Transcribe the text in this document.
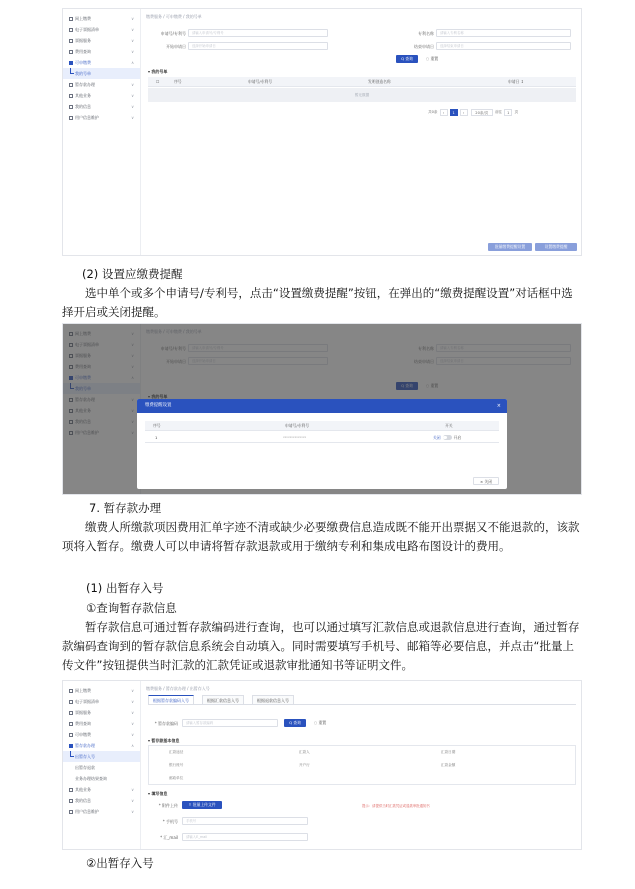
网上缴费	∨
电子票据清单	∨
票据服务	∨
费用查询	∨
可申缴费	∧
我的号单
暂存款办理	∨
其他业务	∨
我的信息	∨
用户信息维护	∨
缴费服务 / 可申缴费 / 我的号单
申请号/专利号	请输入申请号/专利号	专利名称	请输入专利名称
开始申请日	选择开始申请日	结束申请日	选择结束申请日
Q 查询	◌ 重置
▾ 我的号单
☐	序号	申请号/专利号	发明创造名称	申请日 ↕
暂无数据
共0条 ‹ 1 ›	20条/页 前往 1 页
批量缴费提醒设置	设置缴费提醒
(2) 设置应缴费提醒
选中单个或多个申请号/专利号，点击“设置缴费提醒”按钮，在弹出的“缴费提醒设置”对话框中选择开启或关闭提醒。
缴费提醒设置	×
序号	申请号/专利号	开关
1	xxxxxxxxxxxxxx	关闭	开启
× 关闭
7. 暂存款办理
缴费人所缴款项因费用汇单字迹不清或缺少必要缴费信息造成既不能开出票据又不能退款的，该款项将入暂存。缴费人可以申请将暂存款退款或用于缴纳专利和集成电路布图设计的费用。
(1) 出暂存入号
①查询暂存款信息
暂存款信息可通过暂存款编码进行查询，也可以通过填写汇款信息或退款信息进行查询，通过暂存款编码查询到的暂存款信息系统会自动填入。同时需要填写手机号、邮箱等必要信息，并点击“批量上传文件”按钮提供当时汇款的汇款凭证或退款审批通知书等证明文件。
网上缴费	∨
电子票据清单	∨
票据服务	∨
费用查询	∨
可申缴费	∨
暂存款办理	∧
出暂存入号
出暂存退款
业务办理结果查询
其他业务	∨
我的信息	∨
用户信息维护	∨
缴费服务 / 暂存款办理 / 出暂存入号
根据暂存款编码入号	根据汇款信息入号	根据退款信息入号
* 暂存款编码	请输入暂存款编码	Q 查询	◌ 重置
▾ 暂存款基本信息
汇款途径	汇款人	汇款日期
银行账号	开户行	汇款金额
邮政单位
▾ 填写信息
* 附件上传	⇪ 批量上传文件	提示：请提供当时汇款凭证或退款审批通知书
* 手机号	手机号
* 汇_mail	请输入E_mail
②出暂存入号
